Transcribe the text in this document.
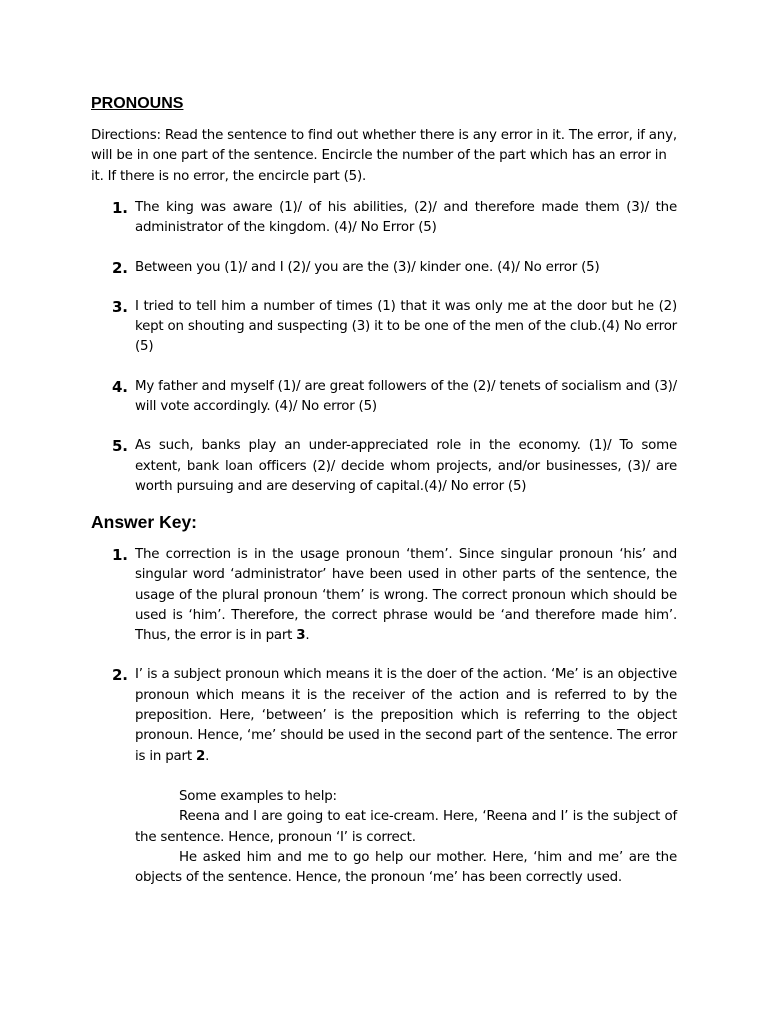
PRONOUNS
Directions: Read the sentence to find out whether there is any error in it. The error, if any, will be in one part of the sentence. Encircle the number of the part which has an error in it. If there is no error, the encircle part (5).
1. The king was aware (1)/ of his abilities, (2)/ and therefore made them (3)/ the administrator of the kingdom. (4)/ No Error (5)
2. Between you (1)/ and I (2)/ you are the (3)/ kinder one. (4)/ No error (5)
3. I tried to tell him a number of times (1) that it was only me at the door but he (2) kept on shouting and suspecting (3) it to be one of the men of the club.(4) No error (5)
4. My father and myself (1)/ are great followers of the (2)/ tenets of socialism and (3)/ will vote accordingly. (4)/ No error (5)
5. As such, banks play an under-appreciated role in the economy. (1)/ To some extent, bank loan officers (2)/ decide whom projects, and/or businesses, (3)/ are worth pursuing and are deserving of capital.(4)/ No error (5)
Answer Key:
1. The correction is in the usage pronoun ‘them’. Since singular pronoun ‘his’ and singular word ‘administrator’ have been used in other parts of the sentence, the usage of the plural pronoun ‘them’ is wrong. The correct pronoun which should be used is ‘him’. Therefore, the correct phrase would be ‘and therefore made him’. Thus, the error is in part 3.
2. I’ is a subject pronoun which means it is the doer of the action. ‘Me’ is an objective pronoun which means it is the receiver of the action and is referred to by the preposition. Here, ‘between’ is the preposition which is referring to the object pronoun. Hence, ‘me’ should be used in the second part of the sentence. The error is in part 2.

Some examples to help:

Reena and I are going to eat ice-cream. Here, ‘Reena and I’ is the subject of the sentence. Hence, pronoun ‘I’ is correct.

He asked him and me to go help our mother. Here, ‘him and me’ are the objects of the sentence. Hence, the pronoun ‘me’ has been correctly used.
